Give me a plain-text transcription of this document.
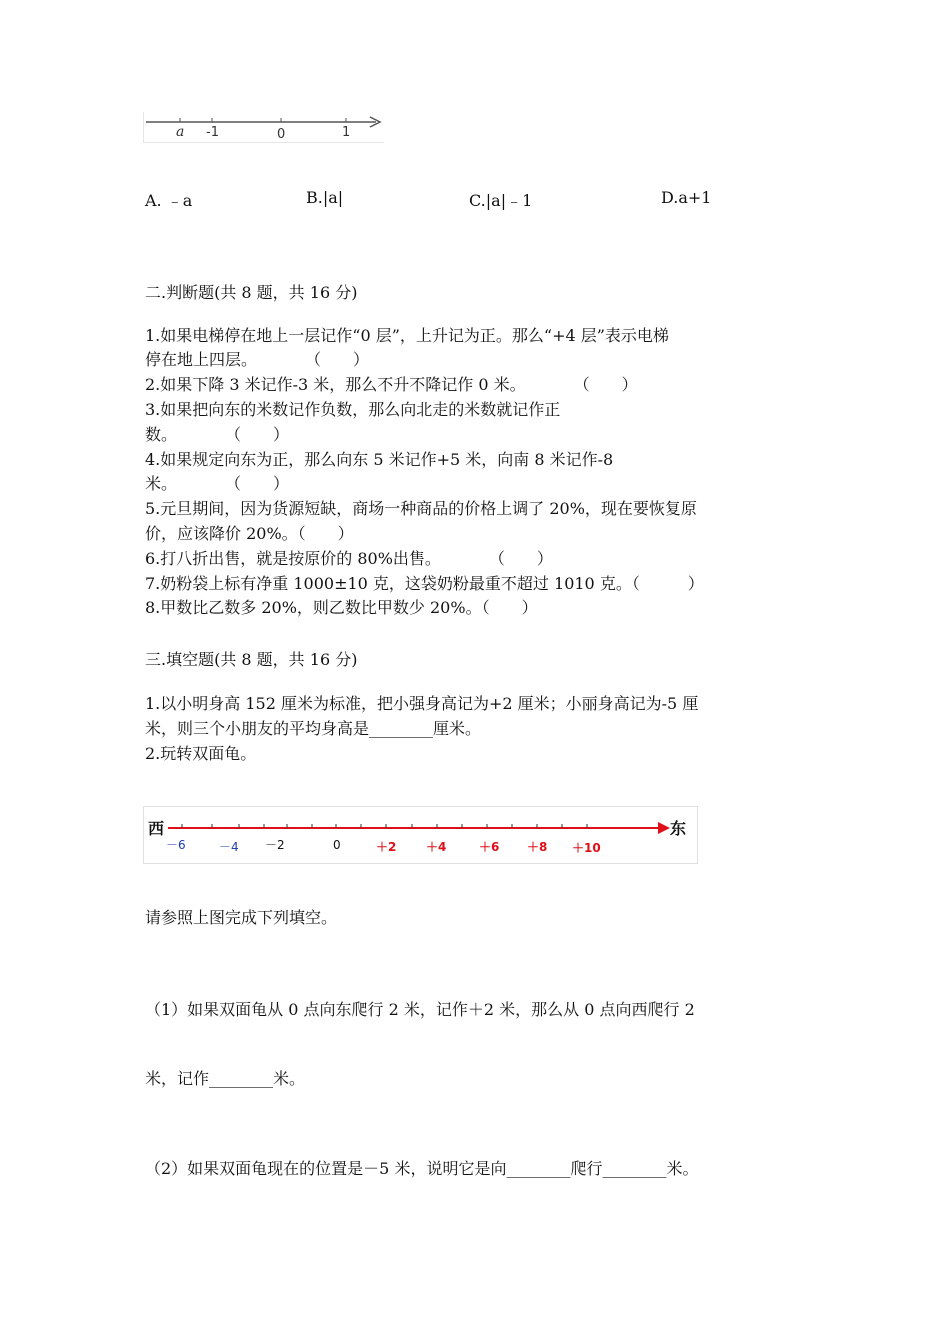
a -1	0	1
A. ﹣a	B.|a|	C.|a|﹣1	D.a+1
二.判断题(共 8 题，共 16 分)
1.如果电梯停在地上一层记作“0 层”，上升记为正。那么“+4 层”表示电梯
停在地上四层。　　　　（　　）
2.如果下降 3 米记作-3 米，那么不升不降记作 0 米。　　　　（　　）
3.如果把向东的米数记作负数，那么向北走的米数就记作正
数。　　　　（　　）
4.如果规定向东为正，那么向东 5 米记作+5 米，向南 8 米记作-8
米。　　　　（　　）
5.元旦期间，因为货源短缺，商场一种商品的价格上调了 20%，现在要恢复原
价，应该降价 20%。（　　）
6.打八折出售，就是按原价的 80%出售。　　　　（　　）
7.奶粉袋上标有净重 1000±10 克，这袋奶粉最重不超过 1010 克。（　　　）
8.甲数比乙数多 20%，则乙数比甲数少 20%。（　　）
三.填空题(共 8 题，共 16 分)
1.以小明身高 152 厘米为标准，把小强身高记为+2 厘米；小丽身高记为-5 厘
米，则三个小朋友的平均身高是________厘米。
2.玩转双面龟。
西	东
－6	－4 －2	0	＋2 ＋4	＋6 ＋8 ＋10
请参照上图完成下列填空。
（1）如果双面龟从 0 点向东爬行 2 米，记作＋2 米，那么从 0 点向西爬行 2
米，记作________米。
（2）如果双面龟现在的位置是－5 米，说明它是向________爬行________米。
